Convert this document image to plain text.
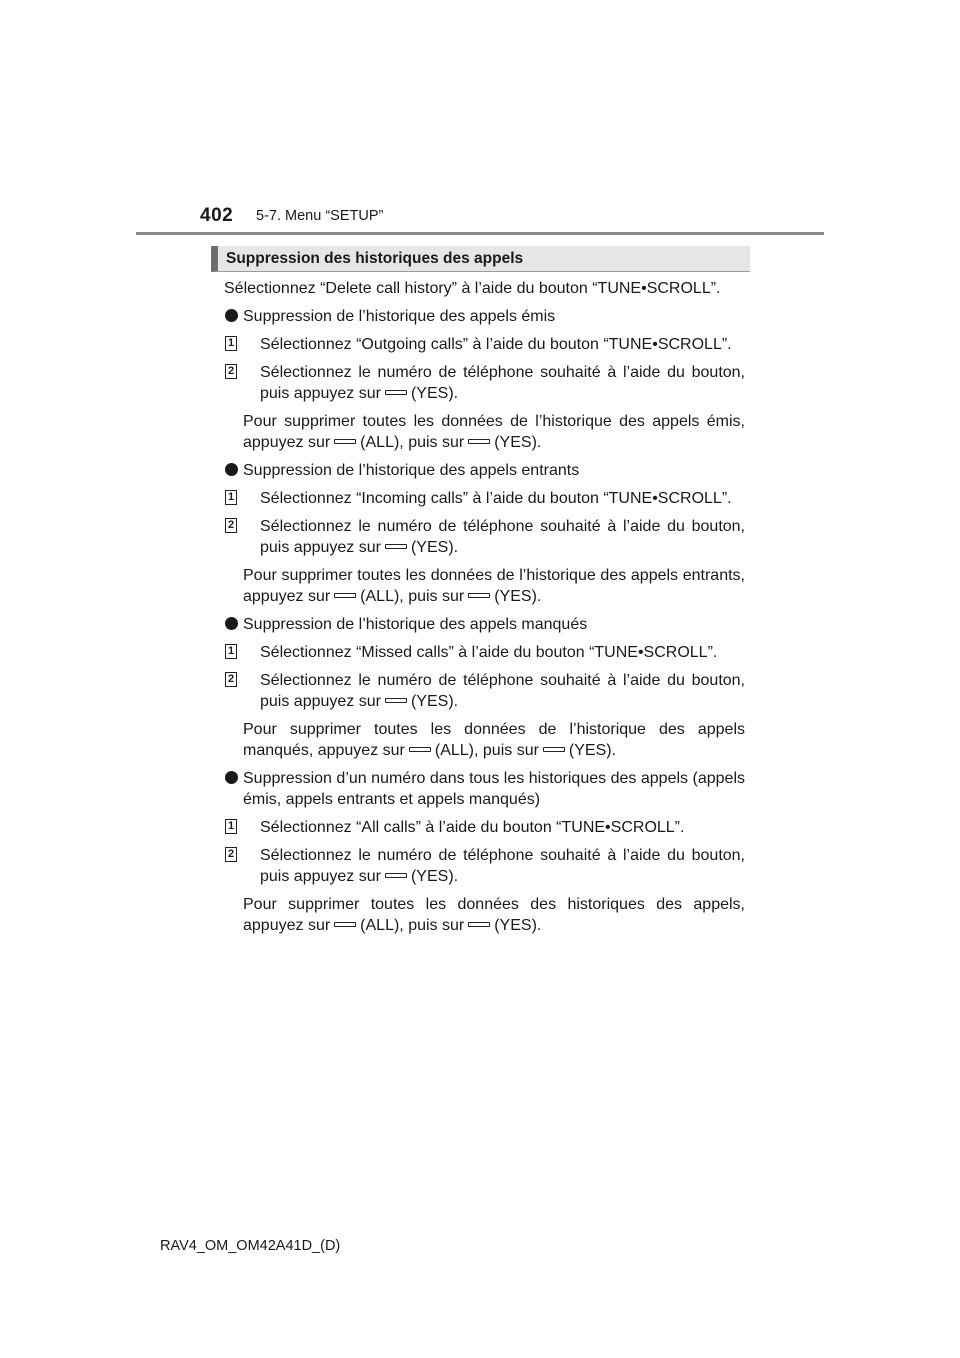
402 5-7. Menu “SETUP”
Suppression des historiques des appels

Sélectionnez “Delete call history” à l’aide du bouton “TUNE•SCROLL”.

Suppression de l’historique des appels émis
1 Sélectionnez “Outgoing calls” à l’aide du bouton “TUNE•SCROLL”.
2 Sélectionnez le numéro de téléphone souhaité à l’aide du bouton, puis appuyez sur (YES).
Pour supprimer toutes les données de l’historique des appels émis, appuyez sur (ALL), puis sur (YES).
Suppression de l’historique des appels entrants
1 Sélectionnez “Incoming calls” à l’aide du bouton “TUNE•SCROLL”.
2 Sélectionnez le numéro de téléphone souhaité à l’aide du bouton, puis appuyez sur (YES).
Pour supprimer toutes les données de l’historique des appels entrants, appuyez sur (ALL), puis sur (YES).
Suppression de l’historique des appels manqués
1 Sélectionnez “Missed calls” à l’aide du bouton “TUNE•SCROLL”.
2 Sélectionnez le numéro de téléphone souhaité à l’aide du bouton, puis appuyez sur (YES).
Pour supprimer toutes les données de l’historique des appels manqués, appuyez sur (ALL), puis sur (YES).
Suppression d’un numéro dans tous les historiques des appels (appels émis, appels entrants et appels manqués)
1 Sélectionnez “All calls” à l’aide du bouton “TUNE•SCROLL”.
2 Sélectionnez le numéro de téléphone souhaité à l’aide du bouton, puis appuyez sur (YES).
Pour supprimer toutes les données des historiques des appels, appuyez sur (ALL), puis sur (YES).
RAV4_OM_OM42A41D_(D)
